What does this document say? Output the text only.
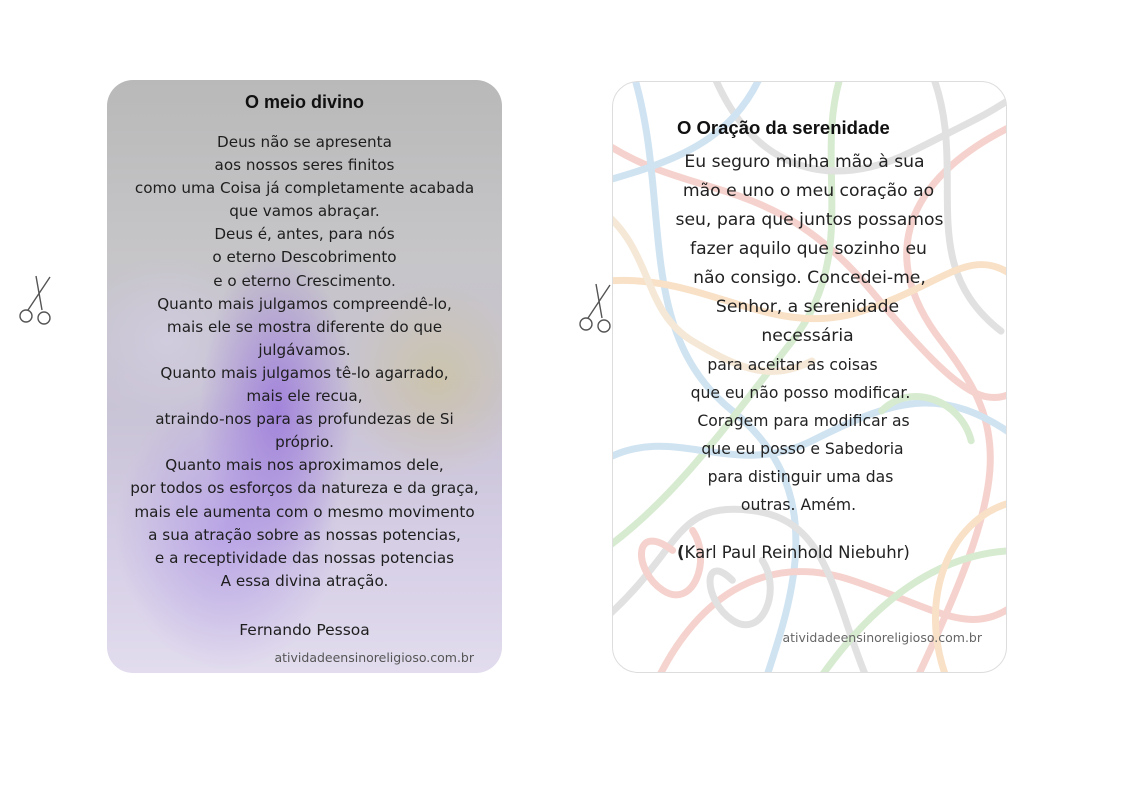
O meio divino
Deus não se apresenta
aos nossos seres finitos
como uma Coisa já completamente acabada
que vamos abraçar.
Deus é, antes, para nós
o eterno Descobrimento
e o eterno Crescimento.
Quanto mais julgamos compreendê-lo,
mais ele se mostra diferente do que
julgávamos.
Quanto mais julgamos tê-lo agarrado,
mais ele recua,
atraindo-nos para as profundezas de Si
próprio.
Quanto mais nos aproximamos dele,
por todos os esforços da natureza e da graça,
mais ele aumenta com o mesmo movimento
a sua atração sobre as nossas potencias,
e a receptividade das nossas potencias
A essa divina atração.
Fernando Pessoa
atividadeensinoreligioso.com.br
O Oração da serenidade
Eu seguro minha mão à sua
mão e uno o meu coração ao
seu, para que juntos possamos
fazer aquilo que sozinho eu
não consigo. Concedei-me,
Senhor, a serenidade
necessária
para aceitar as coisas
que eu não posso modificar.
Coragem para modificar as
que eu posso e Sabedoria
para distinguir uma das
outras. Amém.
(Karl Paul Reinhold Niebuhr)
atividadeensinoreligioso.com.br
